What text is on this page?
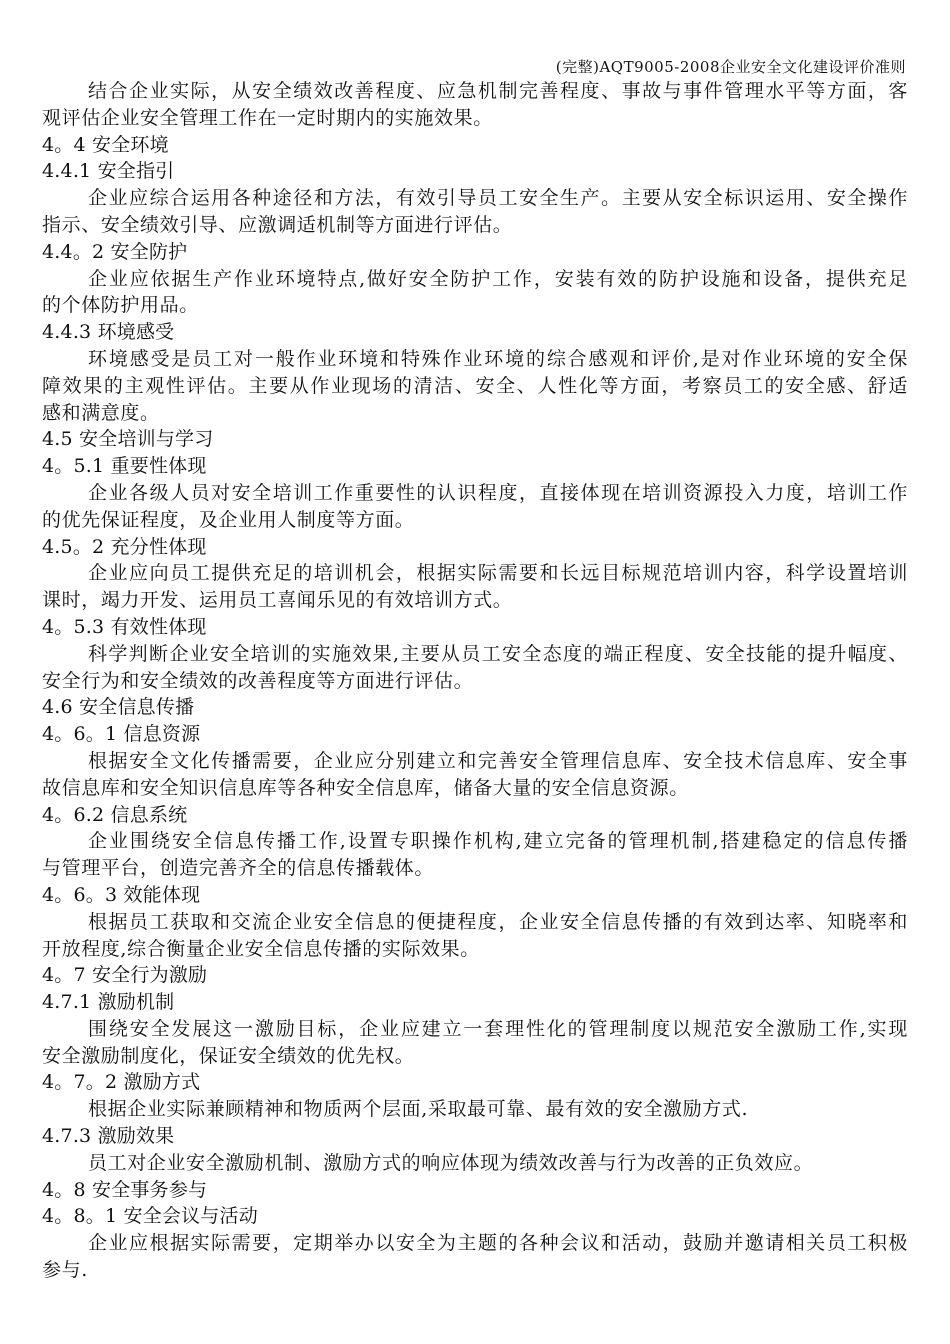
(完整)AQT9005-2008企业安全文化建设评价准则
结合企业实际，从安全绩效改善程度、应急机制完善程度、事故与事件管理水平等方面，客
观评估企业安全管理工作在一定时期内的实施效果。
4。4 安全环境
4.4.1 安全指引
企业应综合运用各种途径和方法，有效引导员工安全生产。主要从安全标识运用、安全操作
指示、安全绩效引导、应激调适机制等方面进行评估。
4.4。2 安全防护
企业应依据生产作业环境特点,做好安全防护工作，安装有效的防护设施和设备，提供充足
的个体防护用品。
4.4.3 环境感受
环境感受是员工对一般作业环境和特殊作业环境的综合感观和评价,是对作业环境的安全保
障效果的主观性评估。主要从作业现场的清洁、安全、人性化等方面，考察员工的安全感、舒适
感和满意度。
4.5 安全培训与学习
4。5.1 重要性体现
企业各级人员对安全培训工作重要性的认识程度，直接体现在培训资源投入力度，培训工作
的优先保证程度，及企业用人制度等方面。
4.5。2 充分性体现
企业应向员工提供充足的培训机会，根据实际需要和长远目标规范培训内容，科学设置培训
课时，竭力开发、运用员工喜闻乐见的有效培训方式。
4。5.3 有效性体现
科学判断企业安全培训的实施效果,主要从员工安全态度的端正程度、安全技能的提升幅度、
安全行为和安全绩效的改善程度等方面进行评估。
4.6 安全信息传播
4。6。1 信息资源
根据安全文化传播需要，企业应分别建立和完善安全管理信息库、安全技术信息库、安全事
故信息库和安全知识信息库等各种安全信息库，储备大量的安全信息资源。
4。6.2 信息系统
企业围绕安全信息传播工作,设置专职操作机构,建立完备的管理机制,搭建稳定的信息传播
与管理平台，创造完善齐全的信息传播载体。
4。6。3 效能体现
根据员工获取和交流企业安全信息的便捷程度，企业安全信息传播的有效到达率、知晓率和
开放程度,综合衡量企业安全信息传播的实际效果。
4。7 安全行为激励
4.7.1 激励机制
围绕安全发展这一激励目标，企业应建立一套理性化的管理制度以规范安全激励工作,实现
安全激励制度化，保证安全绩效的优先权。
4。7。2 激励方式
根据企业实际兼顾精神和物质两个层面,采取最可靠、最有效的安全激励方式.
4.7.3 激励效果
员工对企业安全激励机制、激励方式的响应体现为绩效改善与行为改善的正负效应。
4。8 安全事务参与
4。8。1 安全会议与活动
企业应根据实际需要，定期举办以安全为主题的各种会议和活动，鼓励并邀请相关员工积极
参与.
